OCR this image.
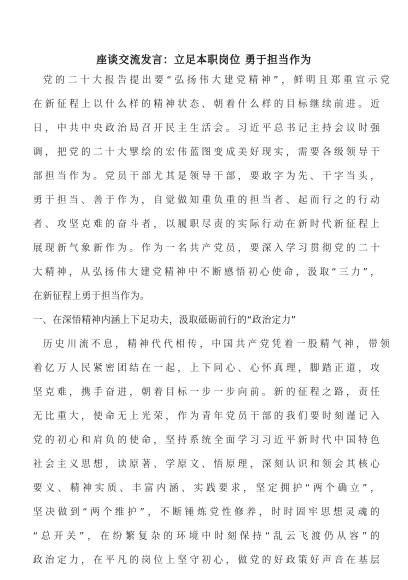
座谈交流发言：立足本职岗位 勇于担当作为
党的二十大报告提出要“弘扬伟大建党精神”，鲜明且郑重宣示党
在新征程上以什么样的精神状态、朝着什么样的目标继续前进。近
日，中共中央政治局召开民主生活会。习近平总书记主持会议时强
调，把党的二十大擘绘的宏伟蓝图变成美好现实，需要各级领导干
部担当作为。党员干部尤其是领导干部，要敢字为先、干字当头，
勇于担当、善于作为，自觉做知重负重的担当者、起而行之的行动
者、攻坚克难的奋斗者，以履职尽责的实际行动在新时代新征程上
展现新气象新作为。作为一名共产党员，要深入学习贯彻党的二十
大精神，从弘扬伟大建党精神中不断感悟初心使命，汲取“三力”，
在新征程上勇于担当作为。
一、在深悟精神内涵上下足功夫，汲取砥砺前行的“政治定力”
历史川流不息，精神代代相传，中国共产党凭着一股精气神，带领
着亿万人民紧密团结在一起，上下同心、心怀真理，脚踏正道，攻
坚克难，携手奋进，朝着目标一步一步向前。新的征程之路，责任
无比重大，使命无上光荣，作为青年党员干部的我们要时刻谨记入
党的初心和肩负的使命，坚持系统全面学习习近平新时代中国特色
社会主义思想，读原著、学原文、悟原理，深刻认识和领会其核心
要义、精神实质、丰富内涵、实践要求，坚定拥护“两个确立”，
坚决做到“两个维护”，不断锤炼党性修养，时时固牢思想灵魂的
“总开关”，在纷繁复杂的环境中时刻保持“乱云飞渡仍从容”的
政治定力，在平凡的岗位上坚守初心，做党的好政策好声音在基层
